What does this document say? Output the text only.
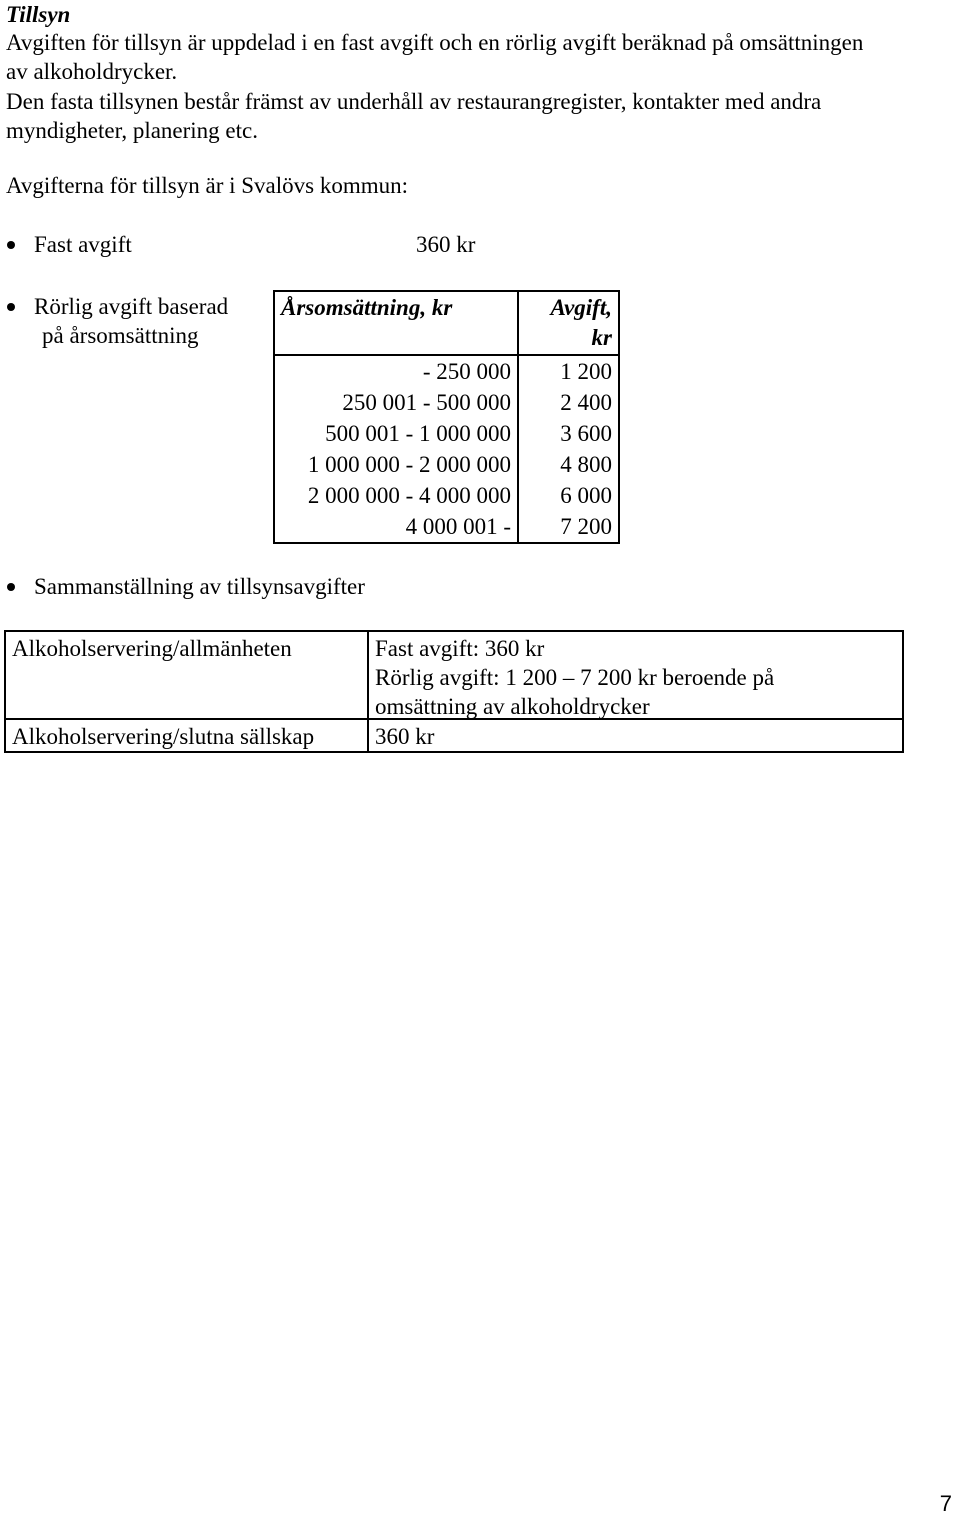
Tillsyn
Avgiften för tillsyn är uppdelad i en fast avgift och en rörlig avgift beräknad på omsättningen
av alkoholdrycker.
Den fasta tillsynen består främst av underhåll av restaurangregister, kontakter med andra
myndigheter, planering etc.
Avgifterna för tillsyn är i Svalövs kommun:
Fast avgift	360 kr
Rörlig avgift baserad
på årsomsättning
Årsomsättning, kr	Avgift,
kr
- 250 000	1 200
250 001 - 500 000	2 400
500 001 - 1 000 000	3 600
1 000 000 - 2 000 000	4 800
2 000 000 - 4 000 000	6 000
4 000 001 -	7 200
Sammanställning av tillsynsavgifter
Alkoholservering/allmänheten	Fast avgift: 360 kr
Rörlig avgift: 1 200 – 7 200 kr beroende på
omsättning av alkoholdrycker
Alkoholservering/slutna sällskap	360 kr
7
